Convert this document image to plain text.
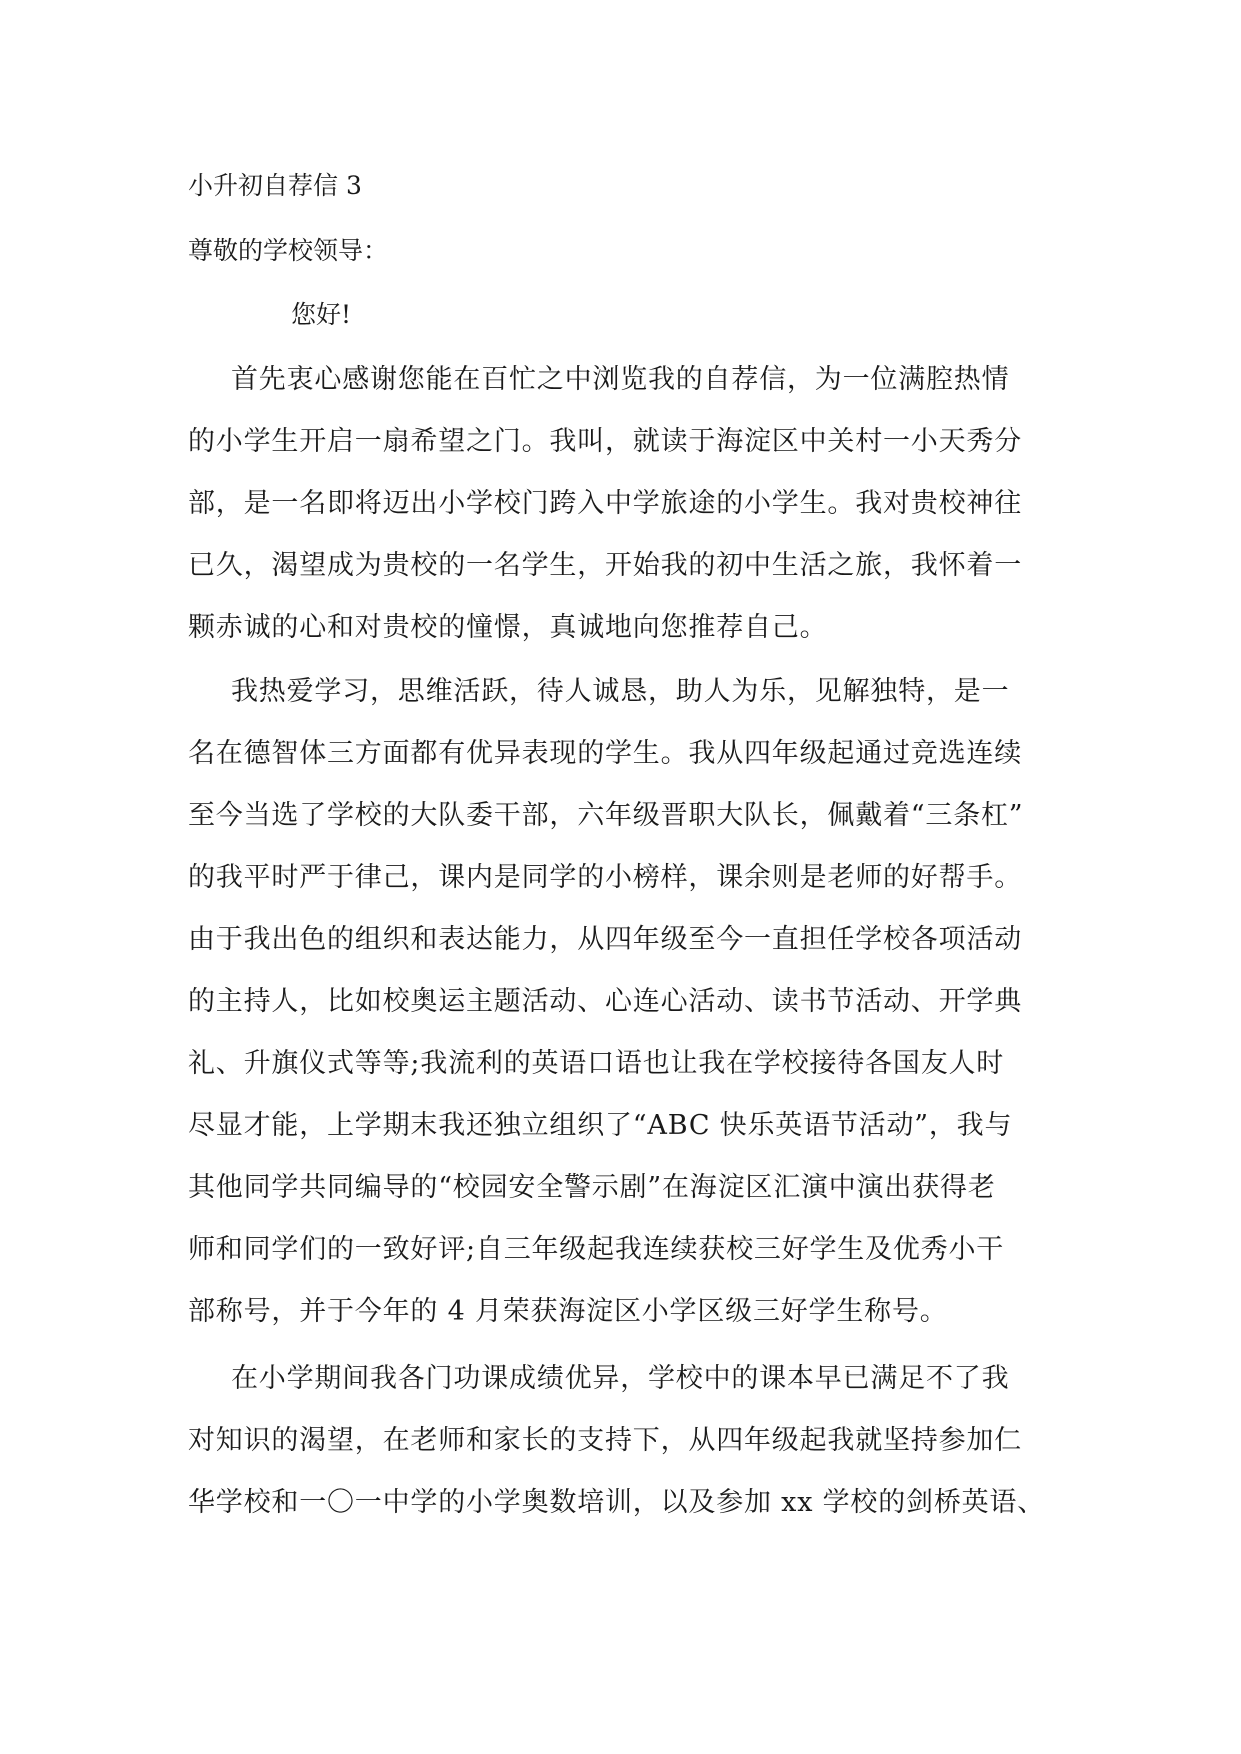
小升初自荐信 3
尊敬的学校领导：
您好!
首先衷心感谢您能在百忙之中浏览我的自荐信，为一位满腔热情
的小学生开启一扇希望之门。我叫，就读于海淀区中关村一小天秀分
部，是一名即将迈出小学校门跨入中学旅途的小学生。我对贵校神往
已久，渴望成为贵校的一名学生，开始我的初中生活之旅，我怀着一
颗赤诚的心和对贵校的憧憬，真诚地向您推荐自己。
我热爱学习，思维活跃，待人诚恳，助人为乐，见解独特，是一
名在德智体三方面都有优异表现的学生。我从四年级起通过竞选连续
至今当选了学校的大队委干部，六年级晋职大队长，佩戴着“三条杠”
的我平时严于律己，课内是同学的小榜样，课余则是老师的好帮手。
由于我出色的组织和表达能力，从四年级至今一直担任学校各项活动
的主持人，比如校奥运主题活动、心连心活动、读书节活动、开学典
礼、升旗仪式等等;我流利的英语口语也让我在学校接待各国友人时
尽显才能，上学期末我还独立组织了“ABC 快乐英语节活动”，我与
其他同学共同编导的“校园安全警示剧”在海淀区汇演中演出获得老
师和同学们的一致好评;自三年级起我连续获校三好学生及优秀小干
部称号，并于今年的 4 月荣获海淀区小学区级三好学生称号。
在小学期间我各门功课成绩优异，学校中的课本早已满足不了我
对知识的渴望，在老师和家长的支持下，从四年级起我就坚持参加仁
华学校和一〇一中学的小学奥数培训，以及参加 xx 学校的剑桥英语、
